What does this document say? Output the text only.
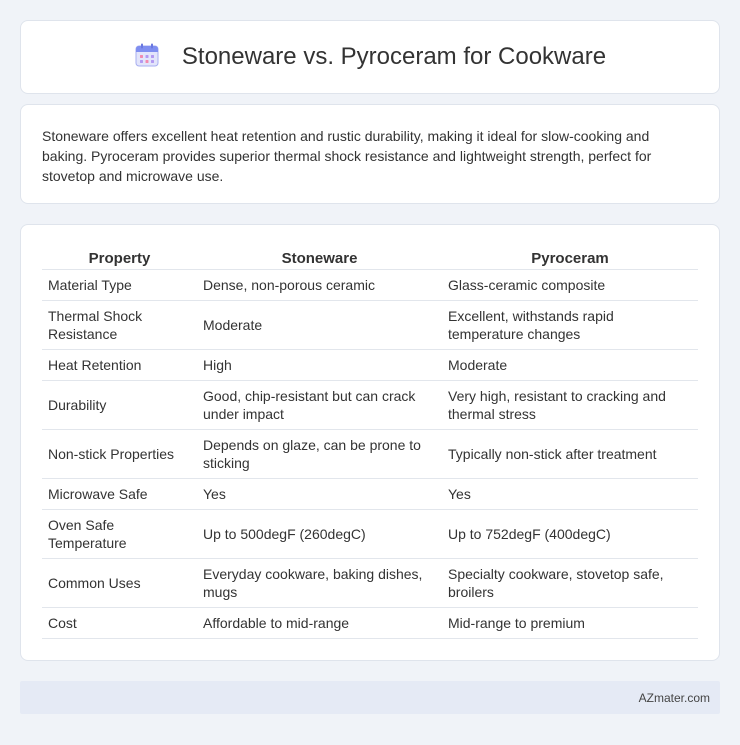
Stoneware vs. Pyroceram for Cookware

Stoneware offers excellent heat retention and rustic durability, making it ideal for slow-cooking and baking. Pyroceram provides superior thermal shock resistance and lightweight strength, perfect for stovetop and microwave use.

Property	Stoneware	Pyroceram
Material Type	Dense, non-porous ceramic	Glass-ceramic composite
Thermal Shock Resistance	Moderate	Excellent, withstands rapid temperature changes
Heat Retention	High	Moderate
Durability	Good, chip-resistant but can crack under impact	Very high, resistant to cracking and thermal stress
Non-stick Properties	Depends on glaze, can be prone to sticking	Typically non-stick after treatment
Microwave Safe	Yes	Yes
Oven Safe Temperature	Up to 500degF (260degC)	Up to 752degF (400degC)
Common Uses	Everyday cookware, baking dishes, mugs	Specialty cookware, stovetop safe, broilers
Cost	Affordable to mid-range	Mid-range to premium
AZmater.com
